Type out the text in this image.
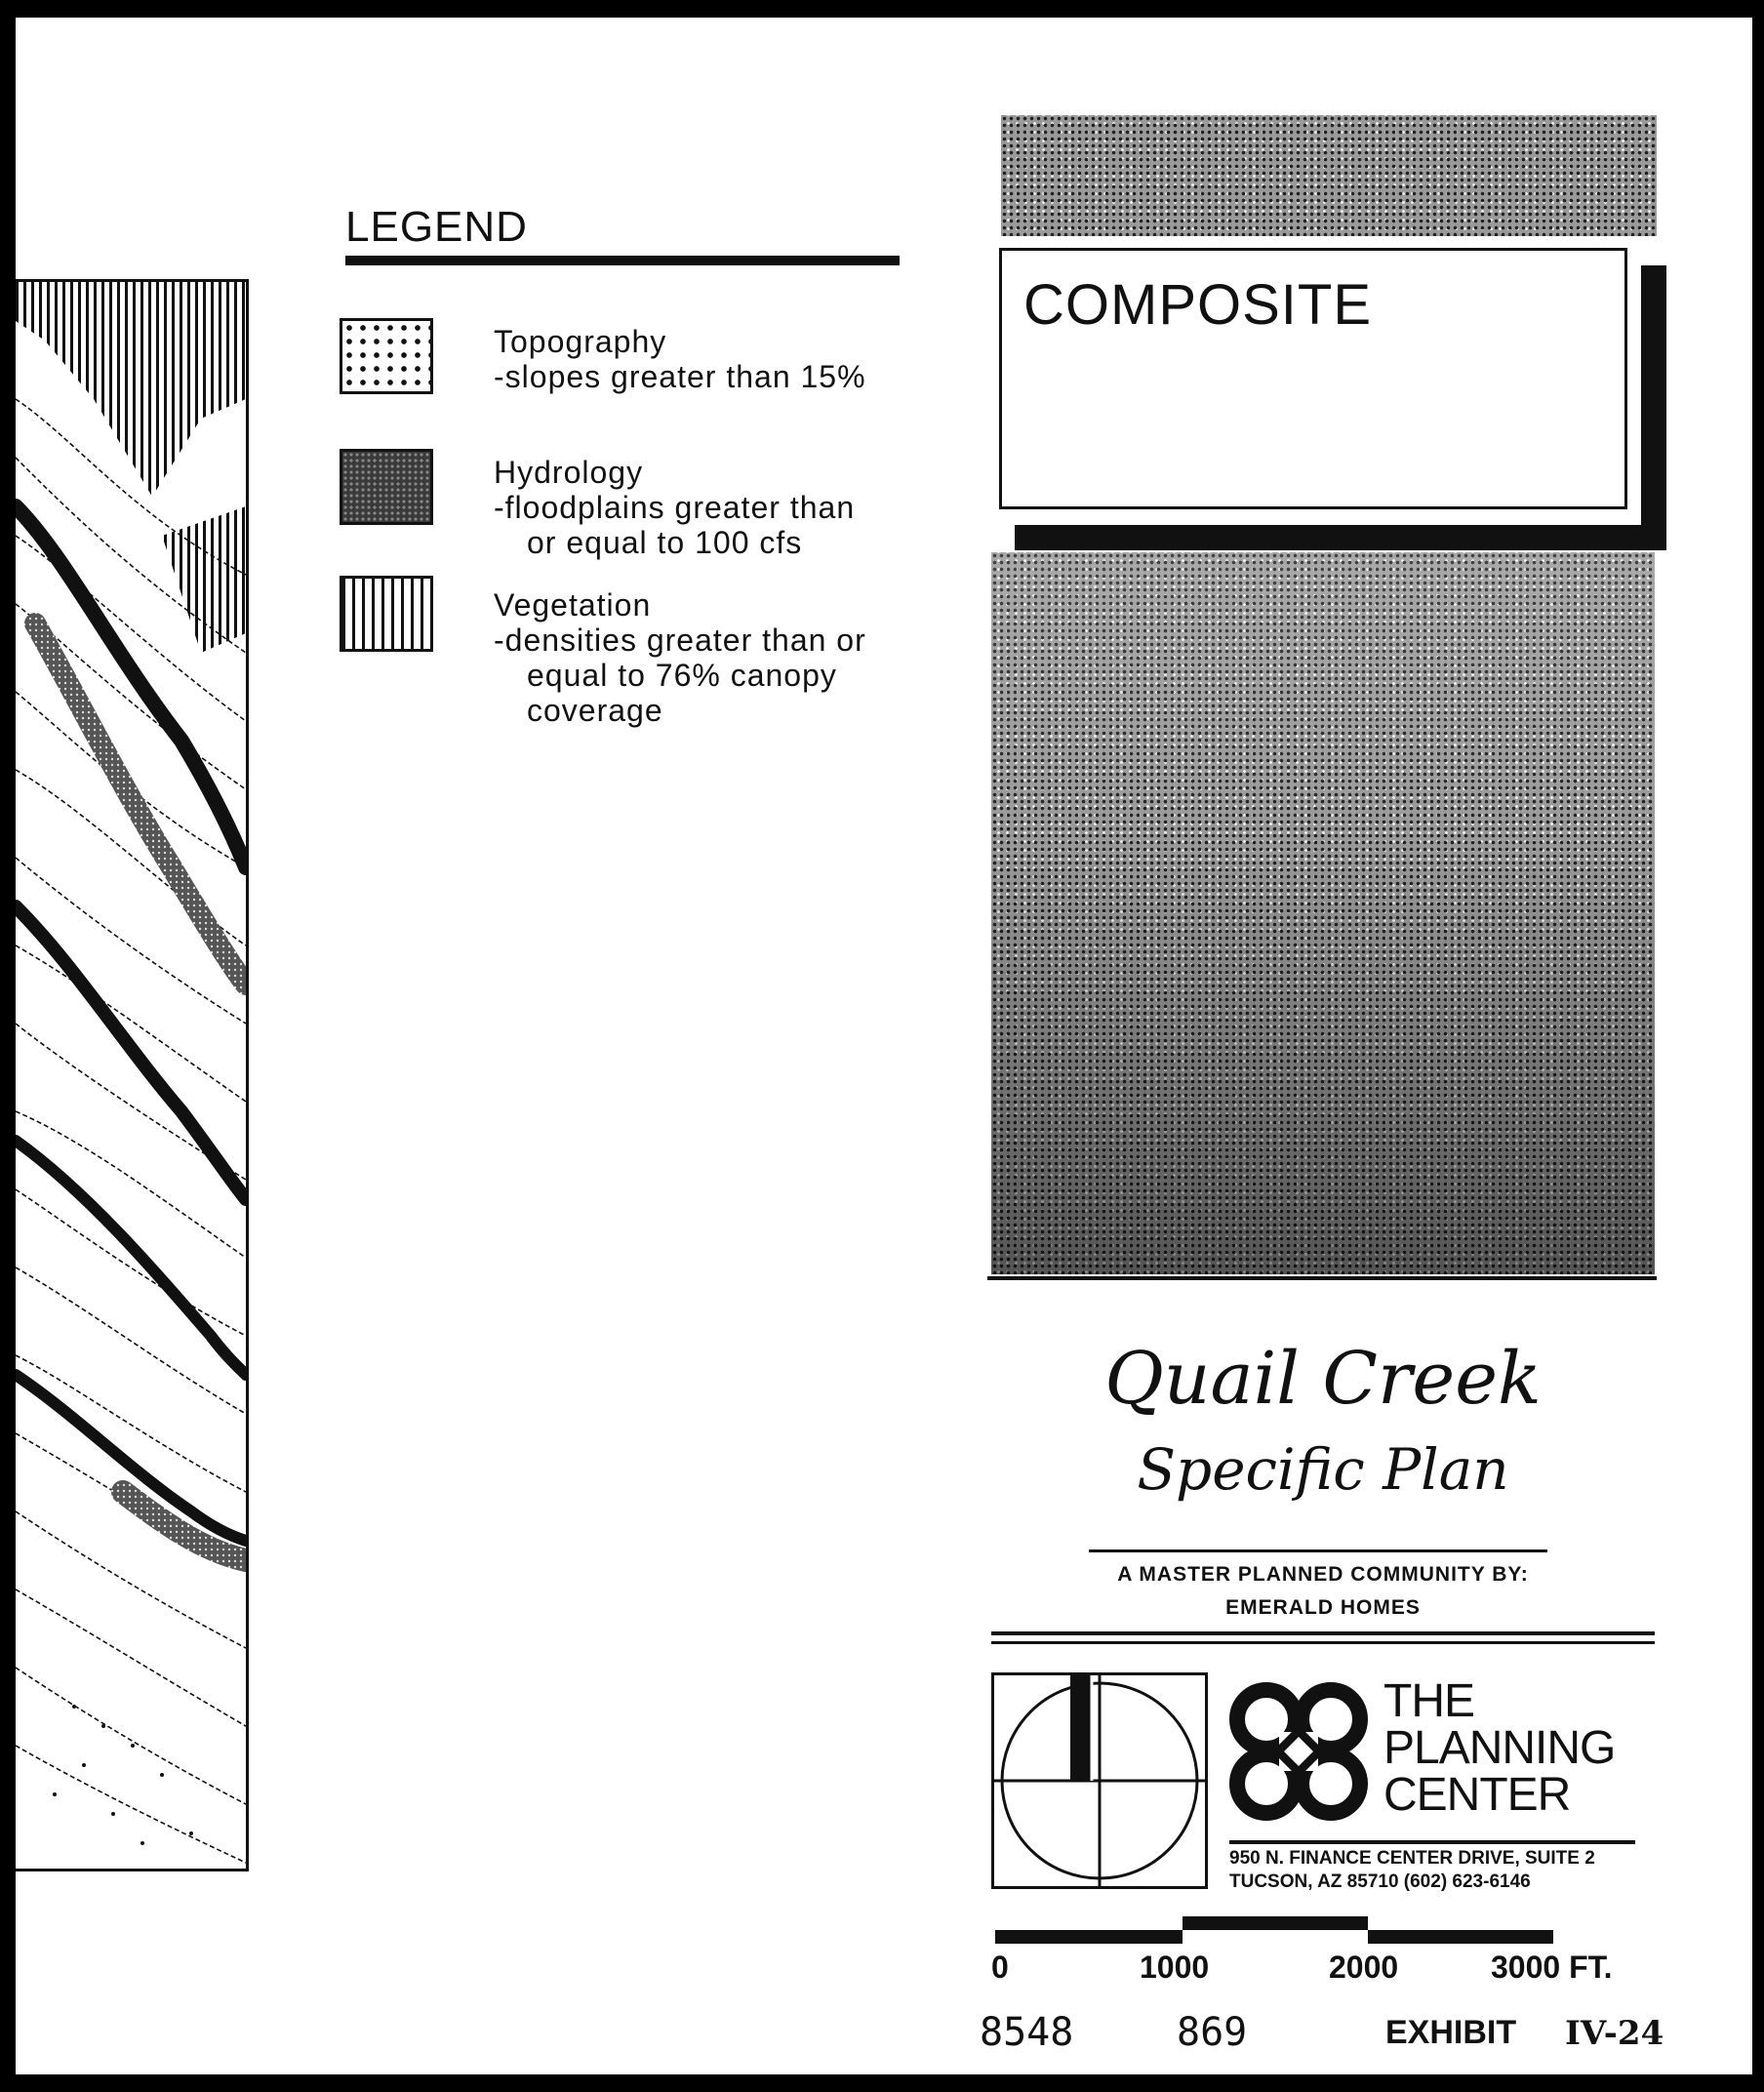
LEGEND
Topography
-slopes greater than 15%
Hydrology
-floodplains greater than
or equal to 100 cfs
Vegetation
-densities greater than or
equal to 76% canopy
coverage
COMPOSITE
Quail Creek
Specific Plan
A MASTER PLANNED COMMUNITY BY:
EMERALD HOMES
THE
PLANNING
CENTER
950 N. FINANCE CENTER DRIVE, SUITE 2
TUCSON, AZ 85710 (602) 623-6146
0	1000	2000	3000 FT.
8548	869	EXHIBIT IV-24
